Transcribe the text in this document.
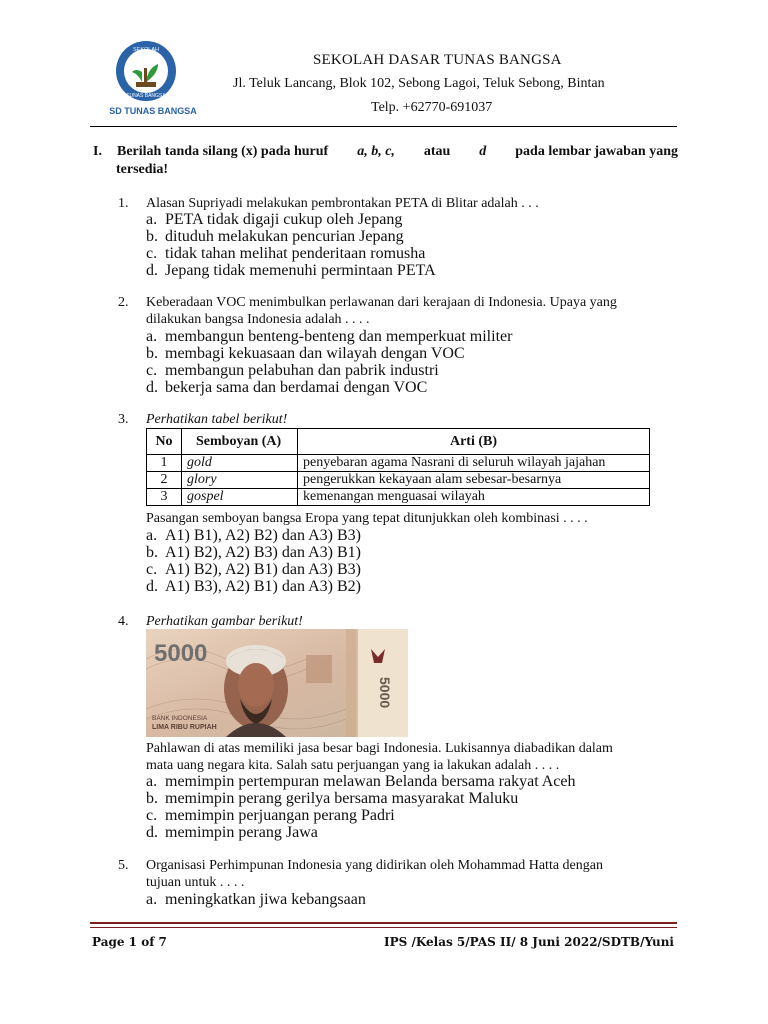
SEKOLAH
TUNAS BANGSA
SD TUNAS BANGSA
SEKOLAH DASAR TUNAS BANGSA
Jl. Teluk Lancang, Blok 102, Sebong Lagoi, Teluk Sebong, Bintan
Telp. +62770-691037
I.	Berilah tanda silang (x) pada huruf a, b, c, atau d pada lembar jawaban yang
tersedia!
1. Alasan Supriyadi melakukan pembrontakan PETA di Blitar adalah . . .
a. PETA tidak digaji cukup oleh Jepang
b. dituduh melakukan pencurian Jepang
c. tidak tahan melihat penderitaan romusha
d. Jepang tidak memenuhi permintaan PETA
2. Keberadaan VOC menimbulkan perlawanan dari kerajaan di Indonesia. Upaya yang
dilakukan bangsa Indonesia adalah . . . .
a. membangun benteng-benteng dan memperkuat militer
b. membagi kekuasaan dan wilayah dengan VOC
c. membangun pelabuhan dan pabrik industri
d. bekerja sama dan berdamai dengan VOC
3. Perhatikan tabel berikut!
No	Semboyan (A)	Arti (B)
1	gold	penyebaran agama Nasrani di seluruh wilayah jajahan
2	glory	pengerukkan kekayaan alam sebesar-besarnya
3	gospel	kemenangan menguasai wilayah
Pasangan semboyan bangsa Eropa yang tepat ditunjukkan oleh kombinasi . . . .
a. A1) B1), A2) B2) dan A3) B3)
b. A1) B2), A2) B3) dan A3) B1)
c. A1) B2), A2) B1) dan A3) B3)
d. A1) B3), A2) B1) dan A3) B2)
4. Perhatikan gambar berikut!
5000
5000
BANK INDONESIA
LIMA RIBU RUPIAH
Pahlawan di atas memiliki jasa besar bagi Indonesia. Lukisannya diabadikan dalam
mata uang negara kita. Salah satu perjuangan yang ia lakukan adalah . . . .
a. memimpin pertempuran melawan Belanda bersama rakyat Aceh
b. memimpin perang gerilya bersama masyarakat Maluku
c. memimpin perjuangan perang Padri
d. memimpin perang Jawa
5. Organisasi Perhimpunan Indonesia yang didirikan oleh Mohammad Hatta dengan
tujuan untuk . . . .
a. meningkatkan jiwa kebangsaan
Page 1 of 7	IPS /Kelas 5/PAS II/ 8 Juni 2022/SDTB/Yuni
